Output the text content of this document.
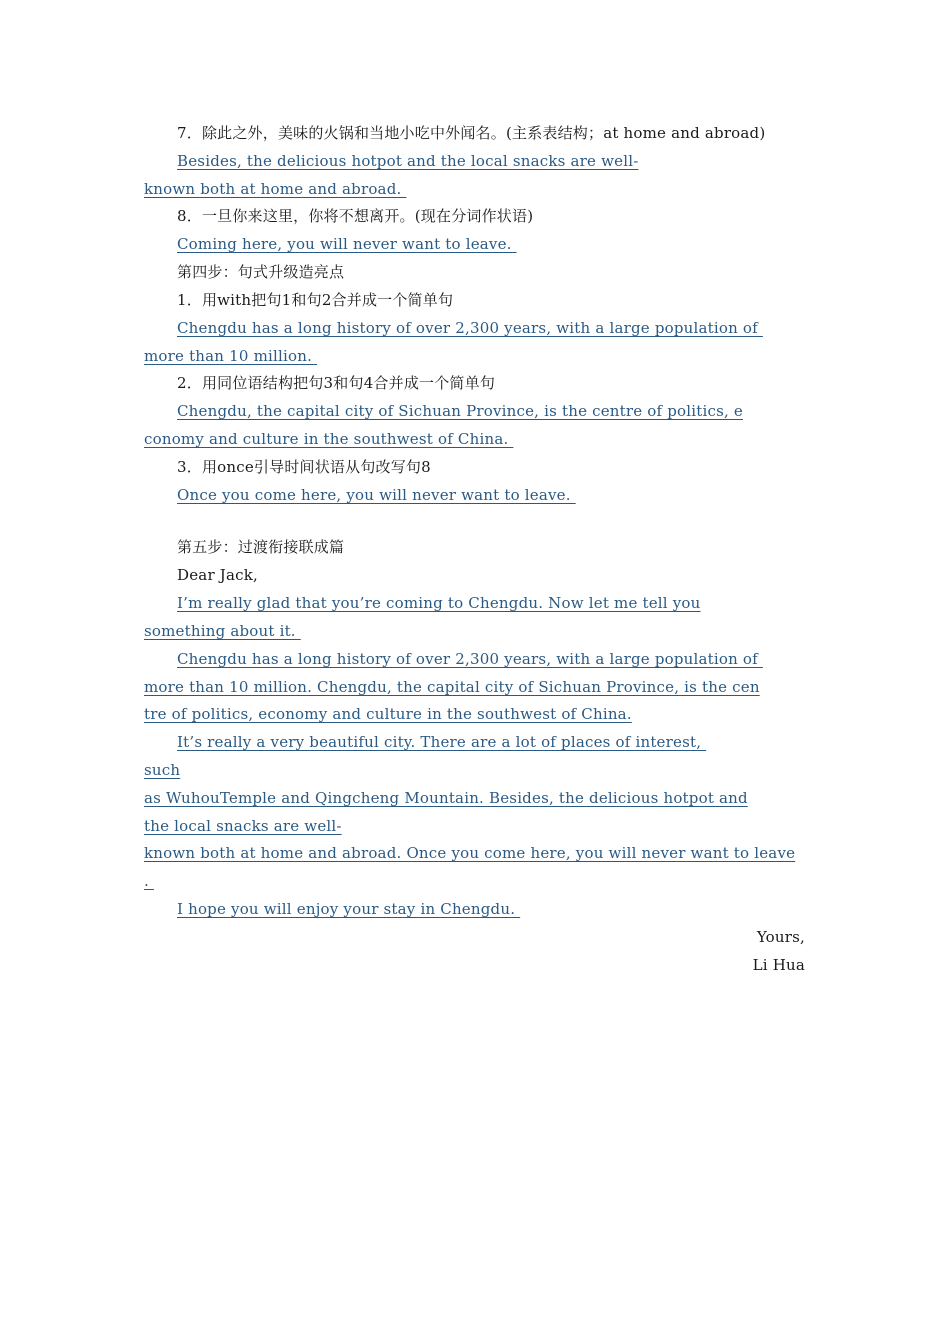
7．除此之外，美味的火锅和当地小吃中外闻名。(主系表结构；at home and abroad)
Besides, the delicious hotpot and the local snacks are well-
known both at home and abroad.
8．一旦你来这里，你将不想离开。(现在分词作状语)
Coming here, you will never want to leave.
第四步：句式升级造亮点
1．用with把句1和句2合并成一个简单句
Chengdu has a long history of over 2,300 years, with a large population of
more than 10 million.
2．用同位语结构把句3和句4合并成一个简单句
Chengdu, the capital city of Sichuan Province, is the centre of politics, e
conomy and culture in the southwest of China.
3．用once引导时间状语从句改写句8
Once you come here, you will never want to leave.
第五步：过渡衔接联成篇
Dear Jack,
I’m really glad that you’re coming to Chengdu. Now let me tell you
something about it.
Chengdu has a long history of over 2,300 years, with a large population of
more than 10 million. Chengdu, the capital city of Sichuan Province, is the cen
tre of politics, economy and culture in the southwest of China.
It’s really a very beautiful city. There are a lot of places of interest,
such
as WuhouTemple and Qingcheng Mountain. Besides, the delicious hotpot and
the local snacks are well-
known both at home and abroad. Once you come here, you will never want to leave
.
I hope you will enjoy your stay in Chengdu.
Yours,
Li Hua
